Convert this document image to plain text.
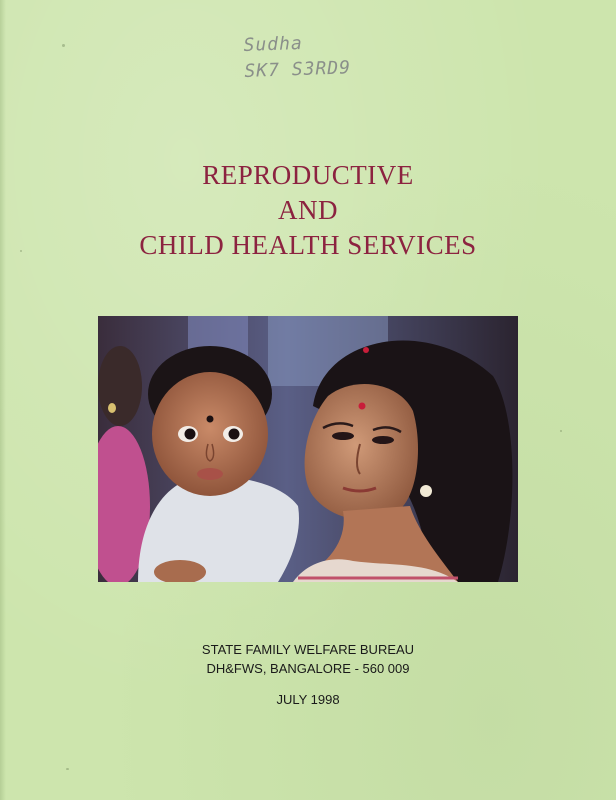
Sudha
SK7 S3RD9
REPRODUCTIVE
AND
CHILD HEALTH SERVICES
STATE FAMILY WELFARE BUREAU
DH&FWS, BANGALORE - 560 009
JULY 1998
